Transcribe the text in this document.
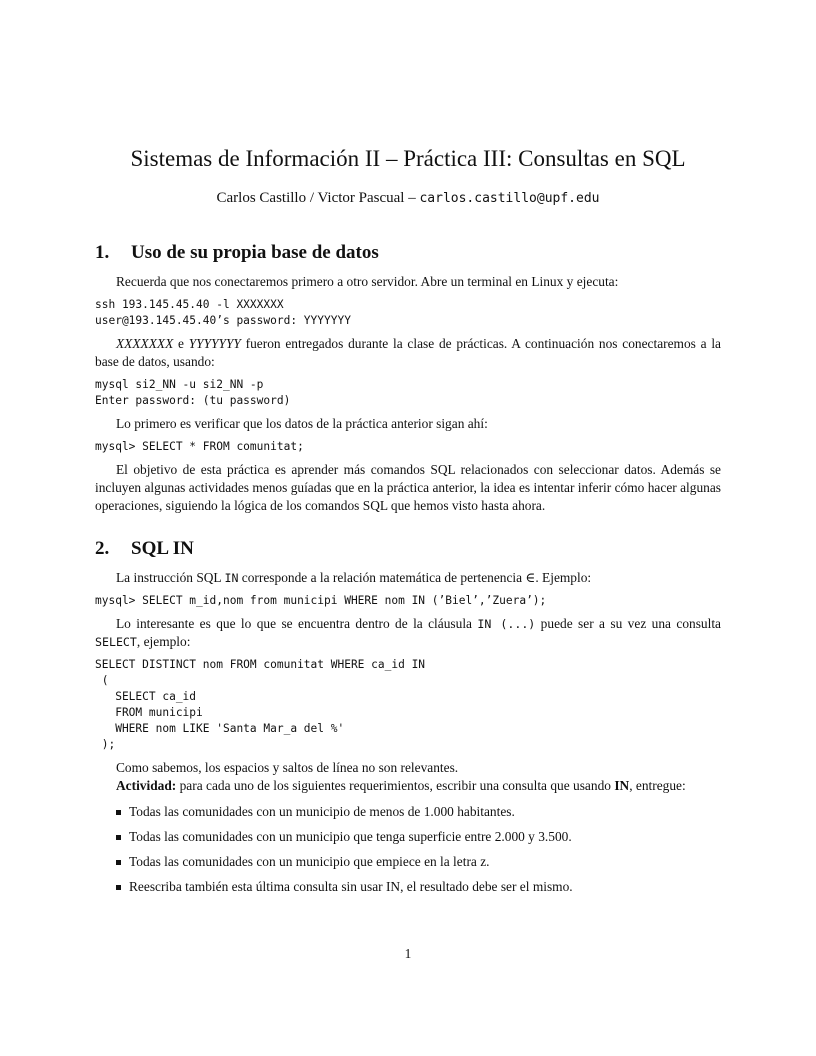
Sistemas de Información II – Práctica III: Consultas en SQL
Carlos Castillo / Victor Pascual – carlos.castillo@upf.edu
1. Uso de su propia base de datos

Recuerda que nos conectaremos primero a otro servidor. Abre un terminal en Linux y ejecuta:

ssh 193.145.45.40 -l XXXXXXX
user@193.145.45.40’s password: YYYYYYY

XXXXXXX e YYYYYYY fueron entregados durante la clase de prácticas. A continuación nos conectaremos a la base de datos, usando:

mysql si2_NN -u si2_NN -p
Enter password: (tu password)

Lo primero es verificar que los datos de la práctica anterior sigan ahí:

mysql> SELECT * FROM comunitat;

El objetivo de esta práctica es aprender más comandos SQL relacionados con seleccionar datos. Además se incluyen algunas actividades menos guíadas que en la práctica anterior, la idea es intentar inferir cómo hacer algunas operaciones, siguiendo la lógica de los comandos SQL que hemos visto hasta ahora.

2. SQL IN

La instrucción SQL IN corresponde a la relación matemática de pertenencia ∈. Ejemplo:

mysql> SELECT m_id,nom from municipi WHERE nom IN (’Biel’,’Zuera’);

Lo interesante es que lo que se encuentra dentro de la cláusula IN (...) puede ser a su vez una consulta SELECT, ejemplo:

SELECT DISTINCT nom FROM comunitat WHERE ca_id IN
(
SELECT ca_id
FROM municipi
WHERE nom LIKE 'Santa Mar_a del %'
);

Como sabemos, los espacios y saltos de línea no son relevantes.

Actividad: para cada uno de los siguientes requerimientos, escribir una consulta que usando IN, entregue:

Todas las comunidades con un municipio de menos de 1.000 habitantes.
Todas las comunidades con un municipio que tenga superficie entre 2.000 y 3.500.
Todas las comunidades con un municipio que empiece en la letra z.
Reescriba también esta última consulta sin usar IN, el resultado debe ser el mismo.
1
